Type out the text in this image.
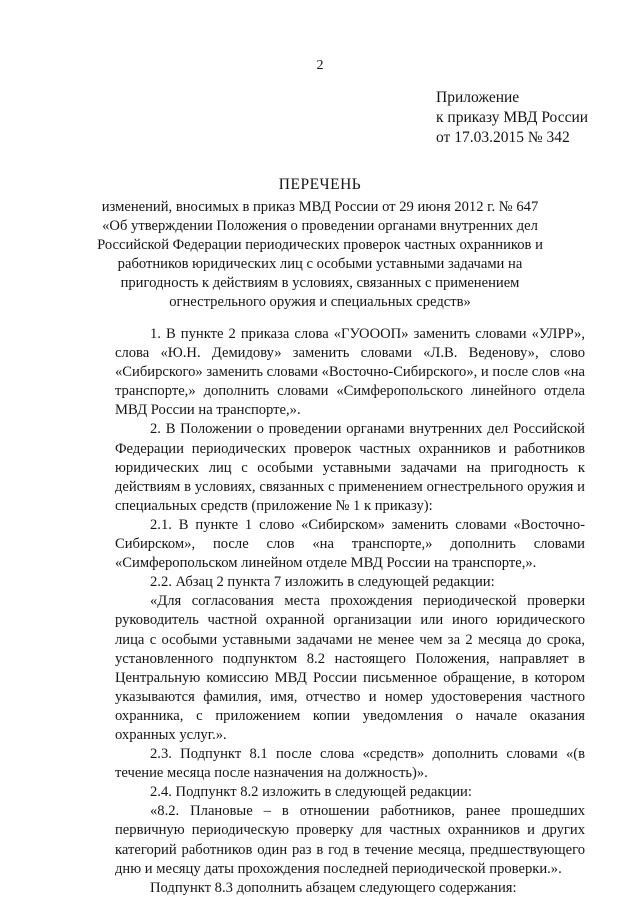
2
Приложение
к приказу МВД России
от 17.03.2015 № 342
ПЕРЕЧЕНЬ
изменений, вносимых в приказ МВД России от 29 июня 2012 г. № 647
«Об утверждении Положения о проведении органами внутренних дел
Российской Федерации периодических проверок частных охранников и
работников юридических лиц с особыми уставными задачами на
пригодность к действиям в условиях, связанных с применением
огнестрельного оружия и специальных средств»
1. В пункте 2 приказа слова «ГУОООП» заменить словами «УЛРР»,
слова «Ю.Н. Демидову» заменить словами «Л.В. Веденову», слово
«Сибирского» заменить словами «Восточно-Сибирского», и после слов «на
транспорте,» дополнить словами «Симферопольского линейного отдела
МВД России на транспорте,».
2. В Положении о проведении органами внутренних дел Российской
Федерации периодических проверок частных охранников и работников
юридических лиц с особыми уставными задачами на пригодность к
действиям в условиях, связанных с применением огнестрельного оружия и
специальных средств (приложение № 1 к приказу):
2.1. В пункте 1 слово «Сибирском» заменить словами «Восточно-
Сибирском», после слов «на транспорте,» дополнить словами
«Симферопольском линейном отделе МВД России на транспорте,».
2.2. Абзац 2 пункта 7 изложить в следующей редакции:
«Для согласования места прохождения периодической проверки
руководитель частной охранной организации или иного юридического
лица с особыми уставными задачами не менее чем за 2 месяца до срока,
установленного подпунктом 8.2 настоящего Положения, направляет в
Центральную комиссию МВД России письменное обращение, в котором
указываются фамилия, имя, отчество и номер удостоверения частного
охранника, с приложением копии уведомления о начале оказания
охранных услуг.».
2.3. Подпункт 8.1 после слова «средств» дополнить словами «(в
течение месяца после назначения на должность)».
2.4. Подпункт 8.2 изложить в следующей редакции:
«8.2. Плановые – в отношении работников, ранее прошедших
первичную периодическую проверку для частных охранников и других
категорий работников один раз в год в течение месяца, предшествующего
дню и месяцу даты прохождения последней периодической проверки.».
Подпункт 8.3 дополнить абзацем следующего содержания:
